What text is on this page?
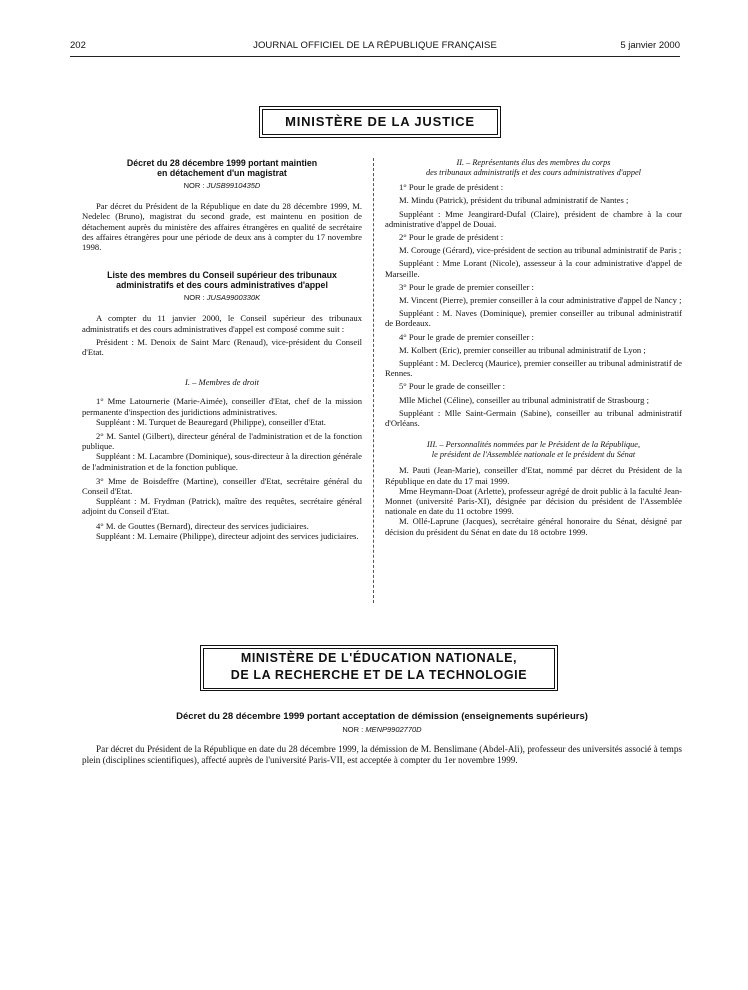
202	JOURNAL OFFICIEL DE LA RÉPUBLIQUE FRANÇAISE	5 janvier 2000
MINISTÈRE DE LA JUSTICE
Décret du 28 décembre 1999 portant maintien
en détachement d'un magistrat
NOR : JUSB9910435D

Par décret du Président de la République en date du 28 décembre 1999, M. Nedelec (Bruno), magistrat du second grade, est maintenu en position de détachement auprès du ministère des affaires étrangères en qualité de secrétaire des affaires étrangères pour une période de deux ans à compter du 17 novembre 1998.

Liste des membres du Conseil supérieur des tribunaux
administratifs et des cours administratives d'appel
NOR : JUSA9900330K

A compter du 11 janvier 2000, le Conseil supérieur des tribunaux administratifs et des cours administratives d'appel est composé comme suit :

Président : M. Denoix de Saint Marc (Renaud), vice-président du Conseil d'Etat.

I. – Membres de droit

1° Mme Latournerie (Marie-Aimée), conseiller d'Etat, chef de la mission permanente d'inspection des juridictions administratives.

Suppléant : M. Turquet de Beauregard (Philippe), conseiller d'Etat.

2° M. Santel (Gilbert), directeur général de l'administration et de la fonction publique.

Suppléant : M. Lacambre (Dominique), sous-directeur à la direction générale de l'administration et de la fonction publique.

3° Mme de Boisdeffre (Martine), conseiller d'Etat, secrétaire général du Conseil d'Etat.

Suppléant : M. Frydman (Patrick), maître des requêtes, secrétaire général adjoint du Conseil d'Etat.

4° M. de Gouttes (Bernard), directeur des services judiciaires.

Suppléant : M. Lemaire (Philippe), directeur adjoint des services judiciaires.

II. – Représentants élus des membres du corps
des tribunaux administratifs et des cours administratives d'appel

1° Pour le grade de président :

M. Mindu (Patrick), président du tribunal administratif de Nantes ;

Suppléant : Mme Jeangirard-Dufal (Claire), président de chambre à la cour administrative d'appel de Douai.

2° Pour le grade de président :

M. Corouge (Gérard), vice-président de section au tribunal administratif de Paris ;

Suppléant : Mme Lorant (Nicole), assesseur à la cour administrative d'appel de Marseille.

3° Pour le grade de premier conseiller :

M. Vincent (Pierre), premier conseiller à la cour administrative d'appel de Nancy ;

Suppléant : M. Naves (Dominique), premier conseiller au tribunal administratif de Bordeaux.

4° Pour le grade de premier conseiller :

M. Kolbert (Eric), premier conseiller au tribunal administratif de Lyon ;

Suppléant : M. Declercq (Maurice), premier conseiller au tribunal administratif de Rennes.

5° Pour le grade de conseiller :

Mlle Michel (Céline), conseiller au tribunal administratif de Strasbourg ;

Suppléant : Mlle Saint-Germain (Sabine), conseiller au tribunal administratif d'Orléans.

III. – Personnalités nommées par le Président de la République,
le président de l'Assemblée nationale et le président du Sénat

M. Pauti (Jean-Marie), conseiller d'Etat, nommé par décret du Président de la République en date du 17 mai 1999.

Mme Heymann-Doat (Arlette), professeur agrégé de droit public à la faculté Jean-Monnet (université Paris-XI), désignée par décision du président de l'Assemblée nationale en date du 11 octobre 1999.

M. Ollé-Laprune (Jacques), secrétaire général honoraire du Sénat, désigné par décision du président du Sénat en date du 18 octobre 1999.

MINISTÈRE DE L'ÉDUCATION NATIONALE,
DE LA RECHERCHE ET DE LA TECHNOLOGIE
Décret du 28 décembre 1999 portant acceptation de démission (enseignements supérieurs)
NOR : MENP9902770D

Par décret du Président de la République en date du 28 décembre 1999, la démission de M. Benslimane (Abdel-Ali), professeur des universités associé à temps plein (disciplines scientifiques), affecté auprès de l'université Paris-VII, est acceptée à compter du 1er novembre 1999.
